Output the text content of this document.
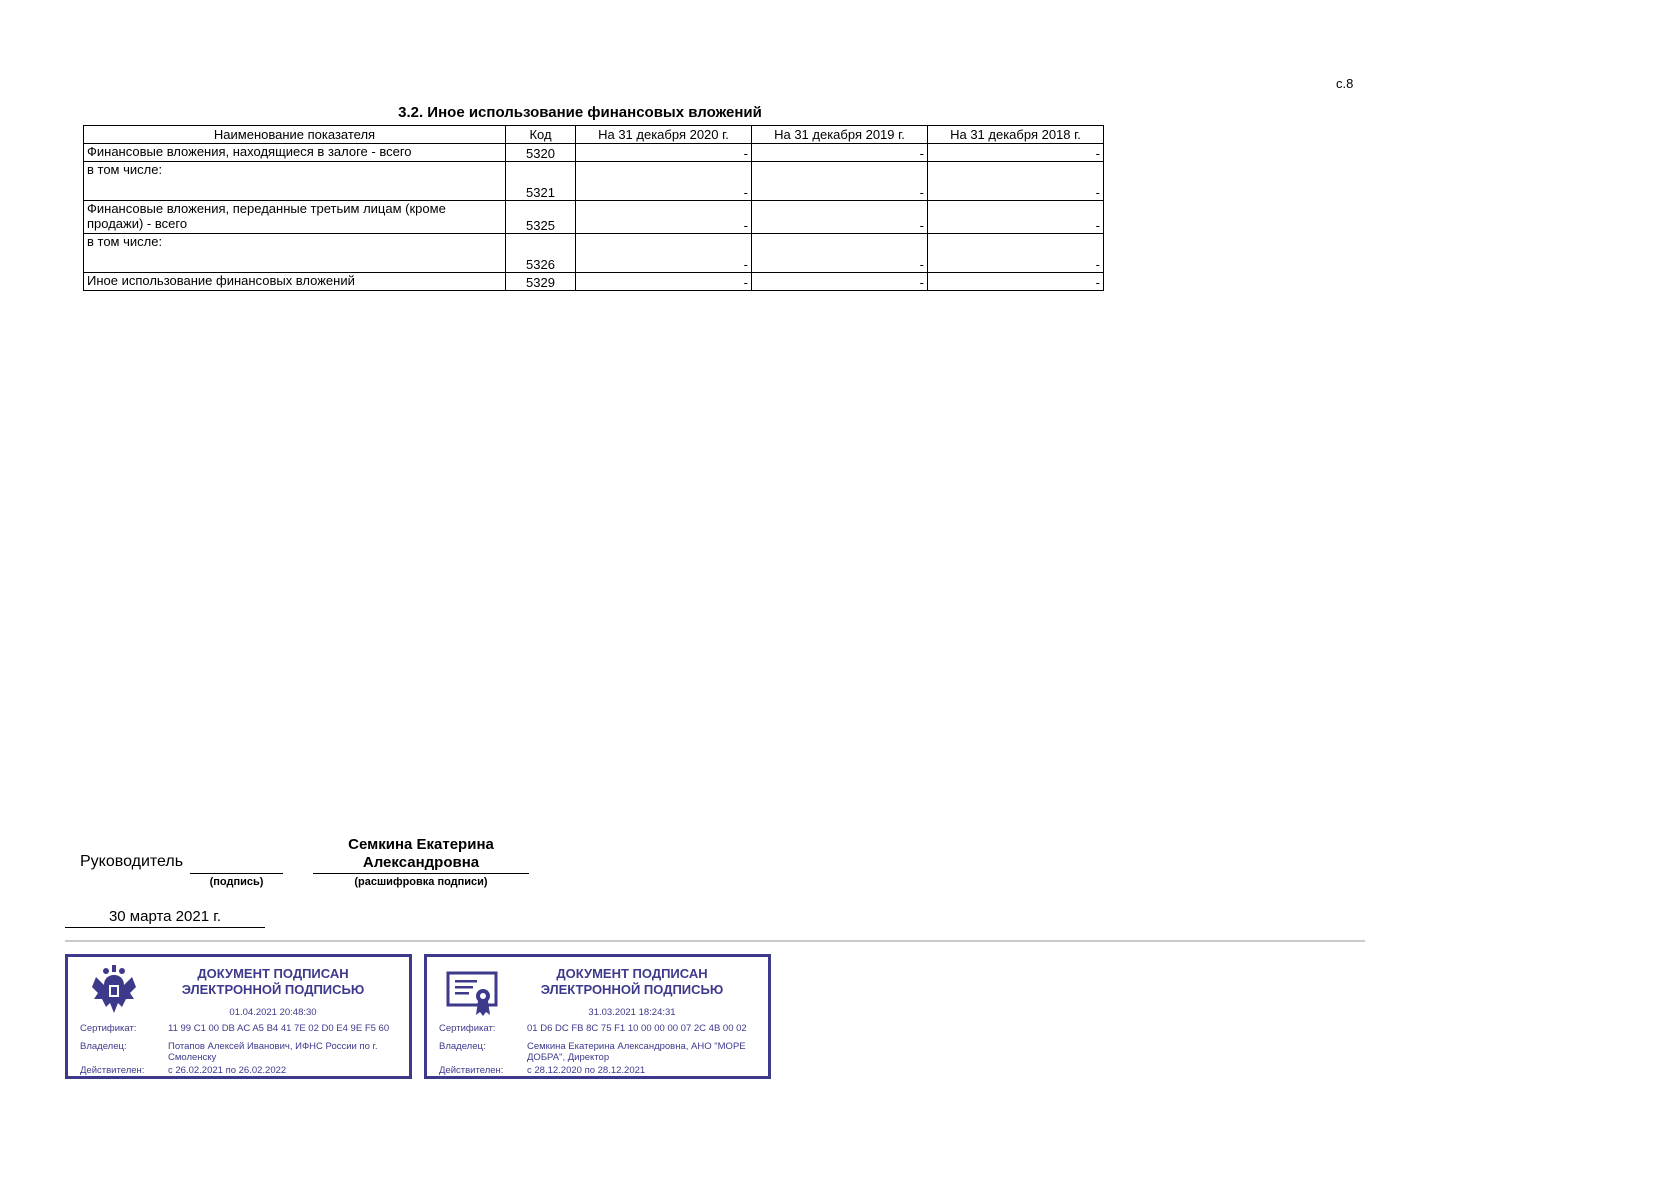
с.8
3.2. Иное использование финансовых вложений
Наименование показателя	Код	На 31 декабря 2020 г.	На 31 декабря 2019 г.	На 31 декабря 2018 г.
Финансовые вложения, находящиеся в залоге - всего	5320	-	-	-
в том числе:	5321	-	-	-
Финансовые вложения, переданные третьим лицам (кроме продажи) - всего	5325	-	-	-
в том числе:	5326	-	-	-
Иное использование финансовых вложений	5329	-	-	-
Руководитель
(подпись)
Семкина Екатерина Александровна
(расшифровка подписи)
30 марта 2021 г.
ДОКУМЕНТ ПОДПИСАН ЭЛЕКТРОННОЙ ПОДПИСЬЮ
01.04.2021 20:48:30
Сертификат:	11 99 C1 00 DB AC A5 B4 41 7E 02 D0 E4 9E F5 60
Владелец:	Потапов Алексей Иванович, ИФНС России по г. Смоленску
Действителен:	с 26.02.2021 по 26.02.2022
ДОКУМЕНТ ПОДПИСАН ЭЛЕКТРОННОЙ ПОДПИСЬЮ
31.03.2021 18:24:31
Сертификат:	01 D6 DC FB 8C 75 F1 10 00 00 00 07 2C 4B 00 02
Владелец:	Семкина Екатерина Александровна, АНО "МОРЕ ДОБРА", Директор
Действителен:	с 28.12.2020 по 28.12.2021
